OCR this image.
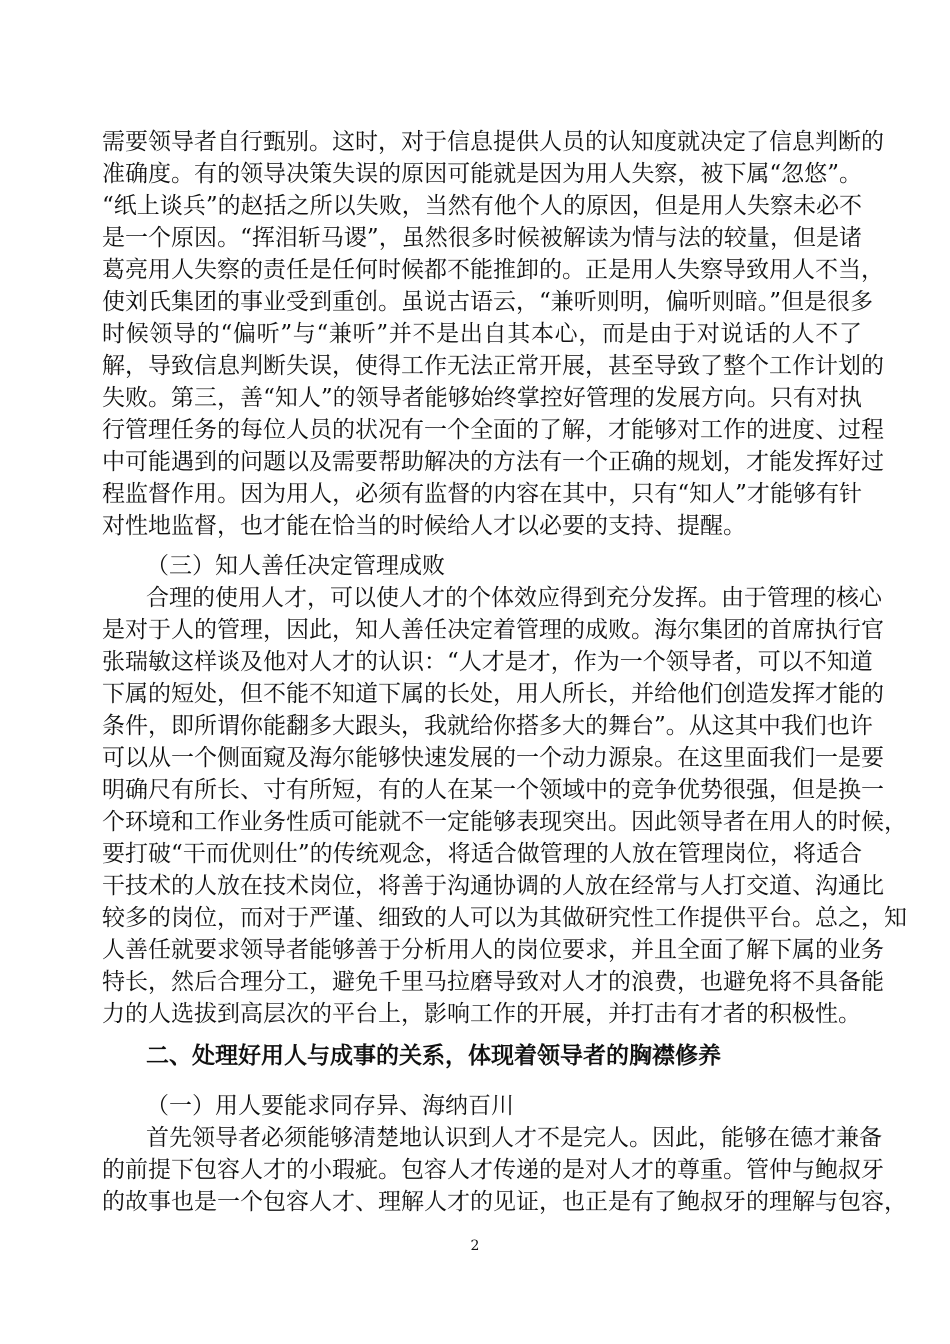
需要领导者自行甄别。这时，对于信息提供人员的认知度就决定了信息判断的
准确度。有的领导决策失误的原因可能就是因为用人失察，被下属“忽悠”。
“纸上谈兵”的赵括之所以失败，当然有他个人的原因，但是用人失察未必不
是一个原因。“挥泪斩马谡”，虽然很多时候被解读为情与法的较量，但是诸
葛亮用人失察的责任是任何时候都不能推卸的。正是用人失察导致用人不当，
使刘氏集团的事业受到重创。虽说古语云，“兼听则明，偏听则暗。”但是很多
时候领导的“偏听”与“兼听”并不是出自其本心，而是由于对说话的人不了
解，导致信息判断失误，使得工作无法正常开展，甚至导致了整个工作计划的
失败。第三，善“知人”的领导者能够始终掌控好管理的发展方向。只有对执
行管理任务的每位人员的状况有一个全面的了解，才能够对工作的进度、过程
中可能遇到的问题以及需要帮助解决的方法有一个正确的规划，才能发挥好过
程监督作用。因为用人，必须有监督的内容在其中，只有“知人”才能够有针
对性地监督，也才能在恰当的时候给人才以必要的支持、提醒。
（三）知人善任决定管理成败
合理的使用人才，可以使人才的个体效应得到充分发挥。由于管理的核心
是对于人的管理，因此，知人善任决定着管理的成败。海尔集团的首席执行官
张瑞敏这样谈及他对人才的认识：“人才是才，作为一个领导者，可以不知道
下属的短处，但不能不知道下属的长处，用人所长，并给他们创造发挥才能的
条件，即所谓你能翻多大跟头，我就给你搭多大的舞台”。从这其中我们也许
可以从一个侧面窥及海尔能够快速发展的一个动力源泉。在这里面我们一是要
明确尺有所长、寸有所短，有的人在某一个领域中的竞争优势很强，但是换一
个环境和工作业务性质可能就不一定能够表现突出。因此领导者在用人的时候，
要打破“干而优则仕”的传统观念，将适合做管理的人放在管理岗位，将适合
干技术的人放在技术岗位，将善于沟通协调的人放在经常与人打交道、沟通比
较多的岗位，而对于严谨、细致的人可以为其做研究性工作提供平台。总之，知
人善任就要求领导者能够善于分析用人的岗位要求，并且全面了解下属的业务
特长，然后合理分工，避免千里马拉磨导致对人才的浪费，也避免将不具备能
力的人选拔到高层次的平台上，影响工作的开展，并打击有才者的积极性。
二、处理好用人与成事的关系，体现着领导者的胸襟修养
（一）用人要能求同存异、海纳百川
首先领导者必须能够清楚地认识到人才不是完人。因此，能够在德才兼备
的前提下包容人才的小瑕疵。包容人才传递的是对人才的尊重。管仲与鲍叔牙
的故事也是一个包容人才、理解人才的见证，也正是有了鲍叔牙的理解与包容，
2
